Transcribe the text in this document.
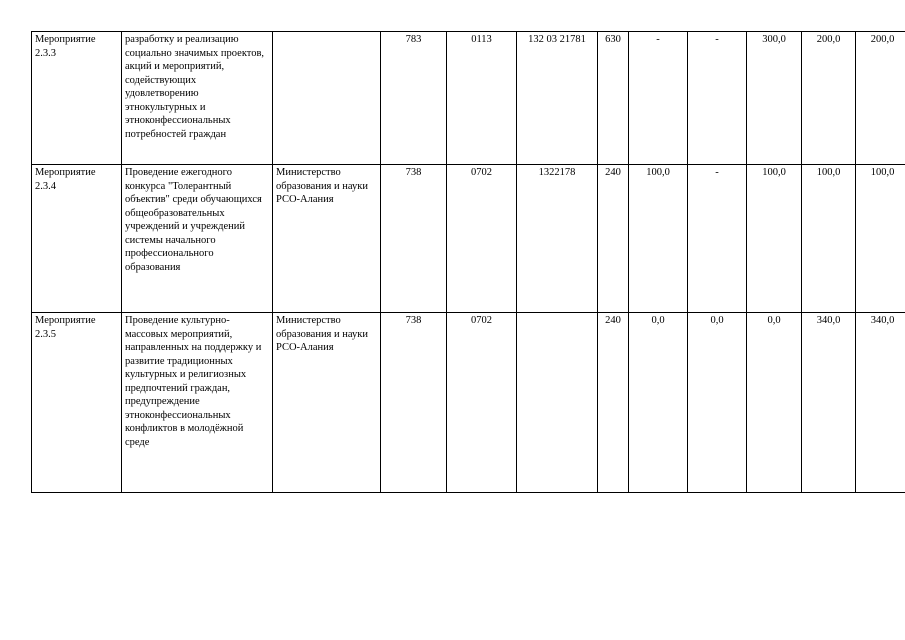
Мероприятие 2.3.3	разработку и реализацию социально значимых проектов, акций и мероприятий, содействующих удовлетворению этнокультурных и этноконфессиональных потребностей граждан		783	0113	132 03 21781	630	-	-	300,0	200,0	200,0
Мероприятие 2.3.4	Проведение ежегодного конкурса "Толерантный объектив" среди обучающихся общеобразовательных учреждений и учреждений системы начального профессионального образования	Министерство образования и науки РСО-Алания	738	0702	1322178	240	100,0	-	100,0	100,0	100,0
Мероприятие 2.3.5	Проведение культурно-массовых мероприятий, направленных на поддержку и развитие традиционных культурных и религиозных предпочтений граждан, предупреждение этноконфессиональных конфликтов в молодёжной среде	Министерство образования и науки РСО-Алания	738	0702		240	0,0	0,0	0,0	340,0	340,0
